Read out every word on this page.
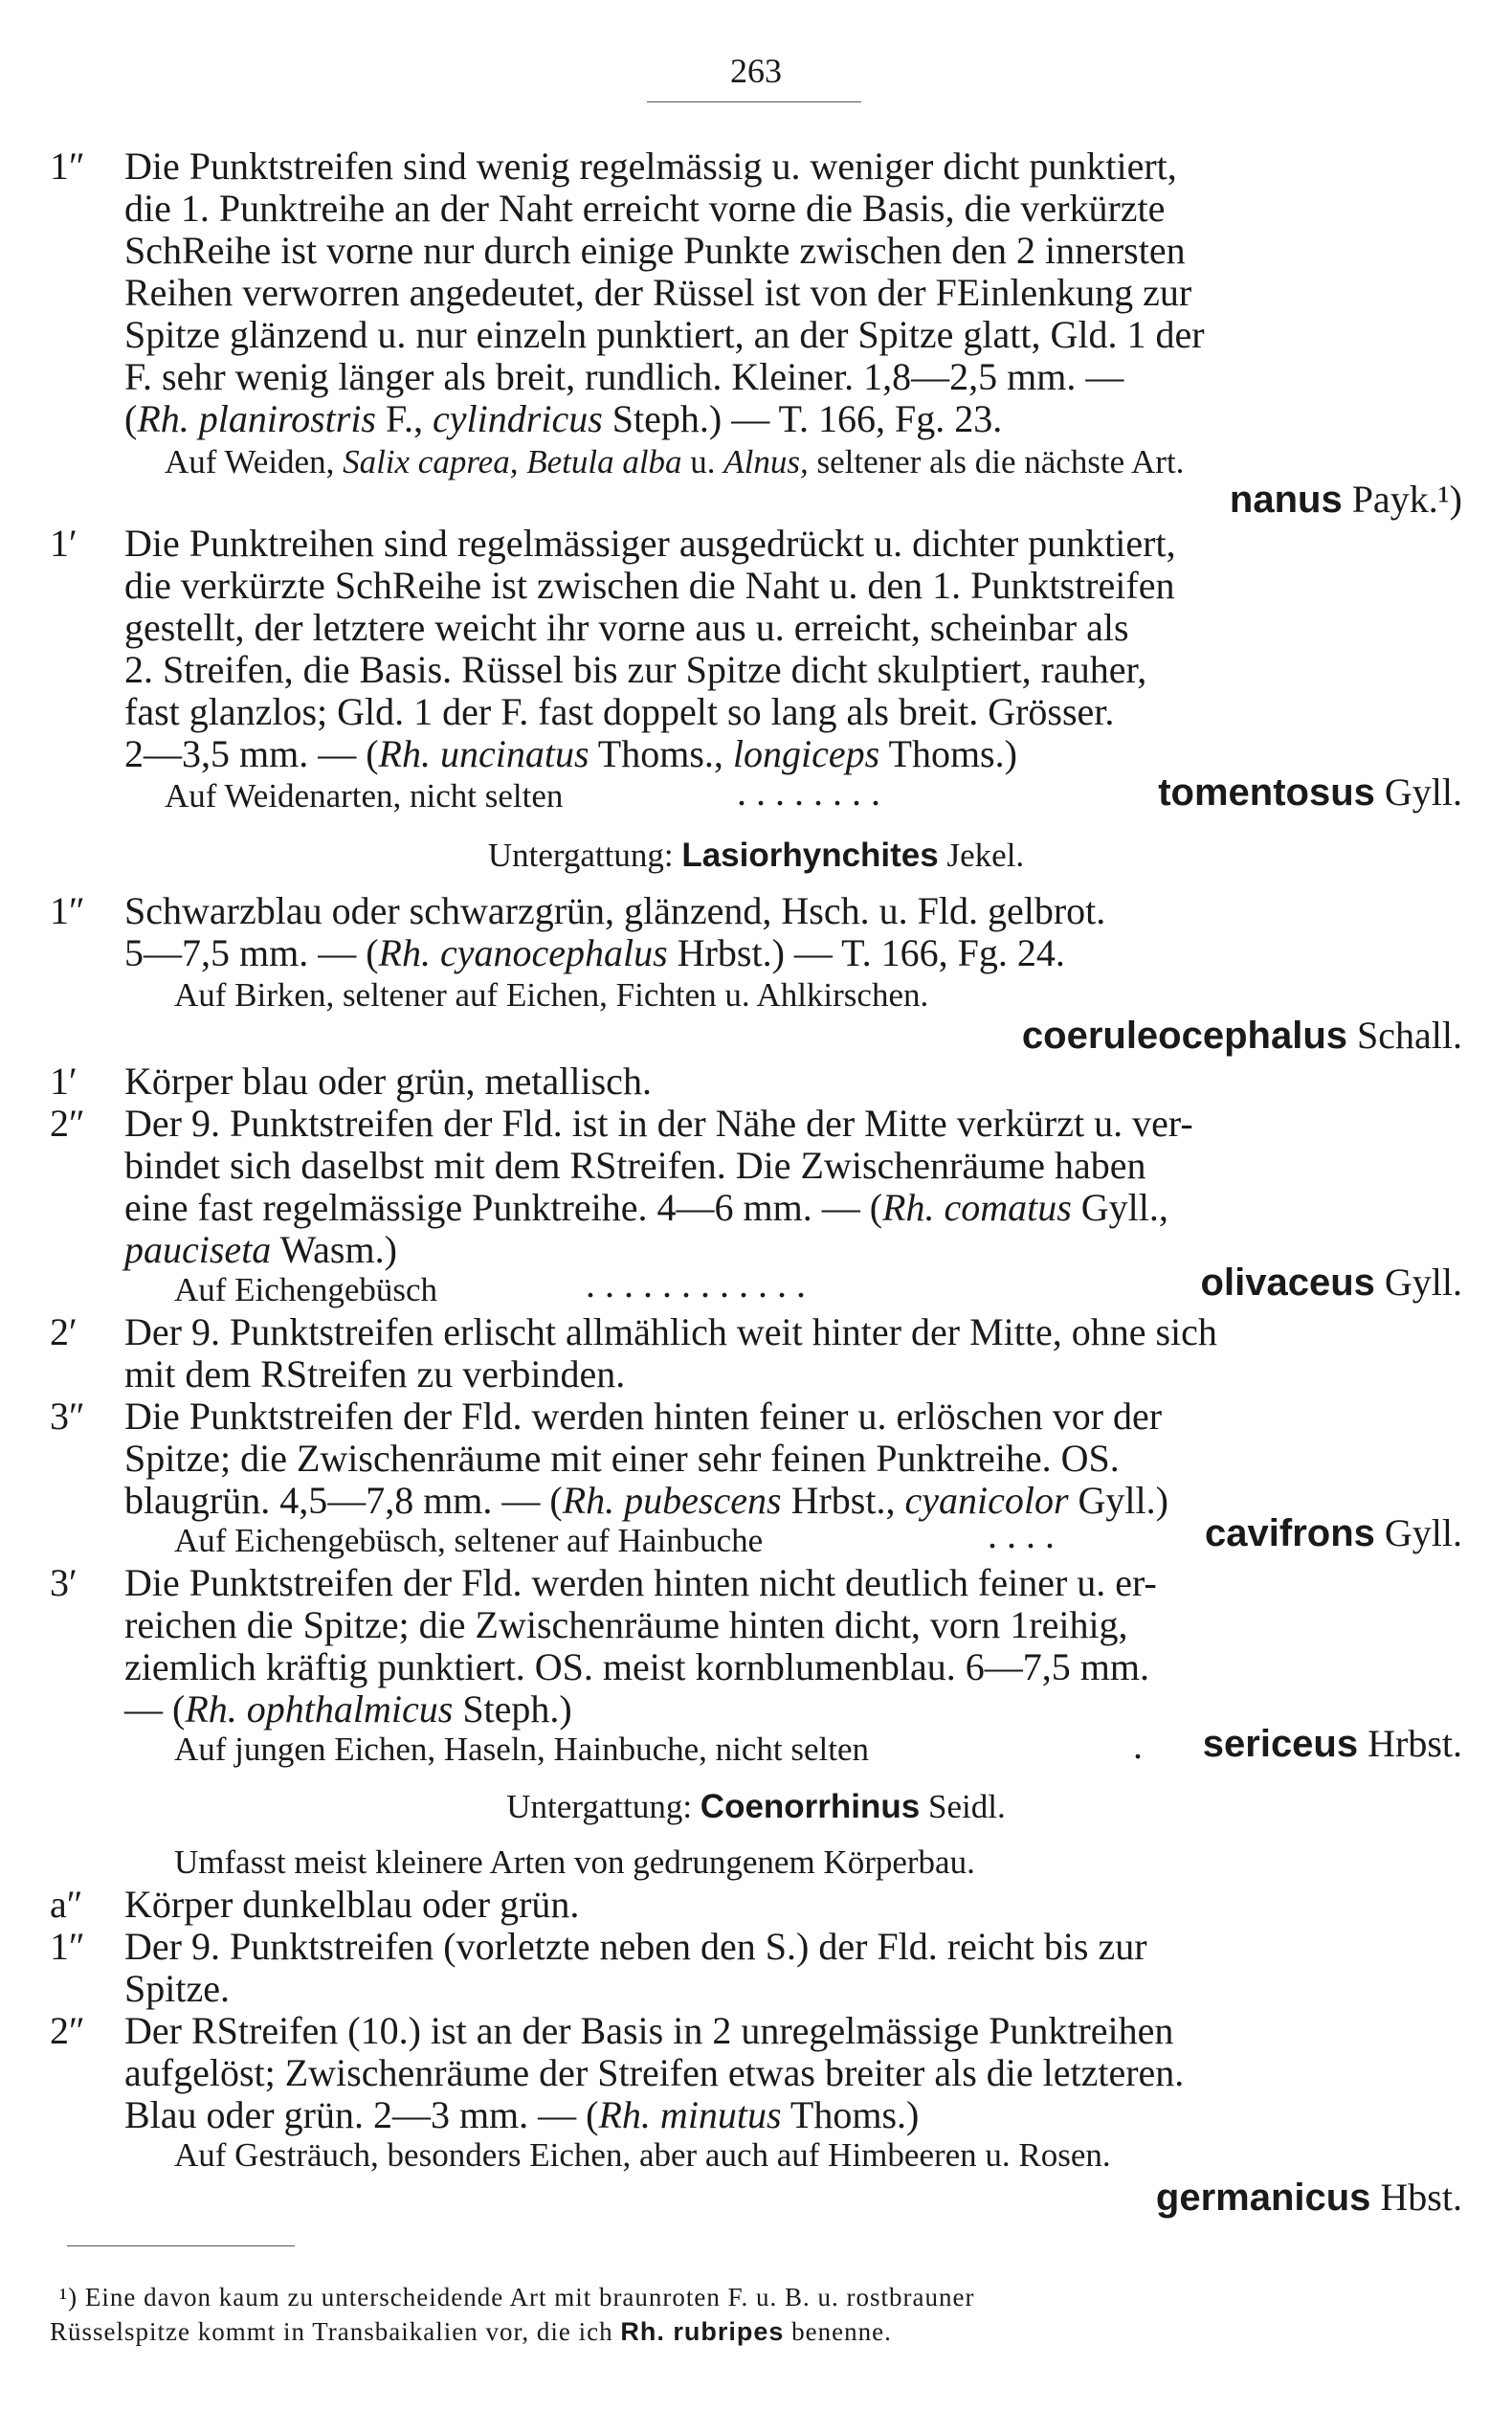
263
1″ Die Punktstreifen sind wenig regelmässig u. weniger dicht punktiert,
die 1. Punktreihe an der Naht erreicht vorne die Basis, die verkürzte
SchReihe ist vorne nur durch einige Punkte zwischen den 2 innersten
Reihen verworren angedeutet, der Rüssel ist von der FEinlenkung zur
Spitze glänzend u. nur einzeln punktiert, an der Spitze glatt, Gld. 1 der
F. sehr wenig länger als breit, rundlich. Kleiner. 1,8—2,5 mm. —
(Rh. planirostris F., cylindricus Steph.) — T. 166, Fg. 23.
Auf Weiden, Salix caprea, Betula alba u. Alnus, seltener als die nächste Art.
nanus Payk.¹)
1′ Die Punktreihen sind regelmässiger ausgedrückt u. dichter punktiert,
die verkürzte SchReihe ist zwischen die Naht u. den 1. Punktstreifen
gestellt, der letztere weicht ihr vorne aus u. erreicht, scheinbar als
2. Streifen, die Basis. Rüssel bis zur Spitze dicht skulptiert, rauher,
fast glanzlos; Gld. 1 der F. fast doppelt so lang als breit. Grösser.
2—3,5 mm. — (Rh. uncinatus Thoms., longiceps Thoms.)
Auf Weidenarten, nicht selten	. . . . . . . .	tomentosus Gyll.
Untergattung: Lasiorhynchites Jekel.
1″ Schwarzblau oder schwarzgrün, glänzend, Hsch. u. Fld. gelbrot.
5—7,5 mm. — (Rh. cyanocephalus Hrbst.) — T. 166, Fg. 24.
Auf Birken, seltener auf Eichen, Fichten u. Ahlkirschen.
coeruleocephalus Schall.
1′ Körper blau oder grün, metallisch.
2″ Der 9. Punktstreifen der Fld. ist in der Nähe der Mitte verkürzt u. ver-
bindet sich daselbst mit dem RStreifen. Die Zwischenräume haben
eine fast regelmässige Punktreihe. 4—6 mm. — (Rh. comatus Gyll.,
pauciseta Wasm.)
Auf Eichengebüsch	. . . . . . . . . . . .	olivaceus Gyll.
2′ Der 9. Punktstreifen erlischt allmählich weit hinter der Mitte, ohne sich
mit dem RStreifen zu verbinden.
3″ Die Punktstreifen der Fld. werden hinten feiner u. erlöschen vor der
Spitze; die Zwischenräume mit einer sehr feinen Punktreihe. OS.
blaugrün. 4,5—7,8 mm. — (Rh. pubescens Hrbst., cyanicolor Gyll.)
Auf Eichengebüsch, seltener auf Hainbuche	. . . .	cavifrons Gyll.
3′ Die Punktstreifen der Fld. werden hinten nicht deutlich feiner u. er-
reichen die Spitze; die Zwischenräume hinten dicht, vorn 1reihig,
ziemlich kräftig punktiert. OS. meist kornblumenblau. 6—7,5 mm.
— (Rh. ophthalmicus Steph.)
Auf jungen Eichen, Haseln, Hainbuche, nicht selten	. sericeus Hrbst.
Untergattung: Coenorrhinus Seidl.
Umfasst meist kleinere Arten von gedrungenem Körperbau.
a″ Körper dunkelblau oder grün.
1″ Der 9. Punktstreifen (vorletzte neben den S.) der Fld. reicht bis zur
Spitze.
2″ Der RStreifen (10.) ist an der Basis in 2 unregelmässige Punktreihen
aufgelöst; Zwischenräume der Streifen etwas breiter als die letzteren.
Blau oder grün. 2—3 mm. — (Rh. minutus Thoms.)
Auf Gesträuch, besonders Eichen, aber auch auf Himbeeren u. Rosen.
germanicus Hbst.
¹) Eine davon kaum zu unterscheidende Art mit braunroten F. u. B. u. rostbrauner
Rüsselspitze kommt in Transbaikalien vor, die ich Rh. rubripes benenne.
